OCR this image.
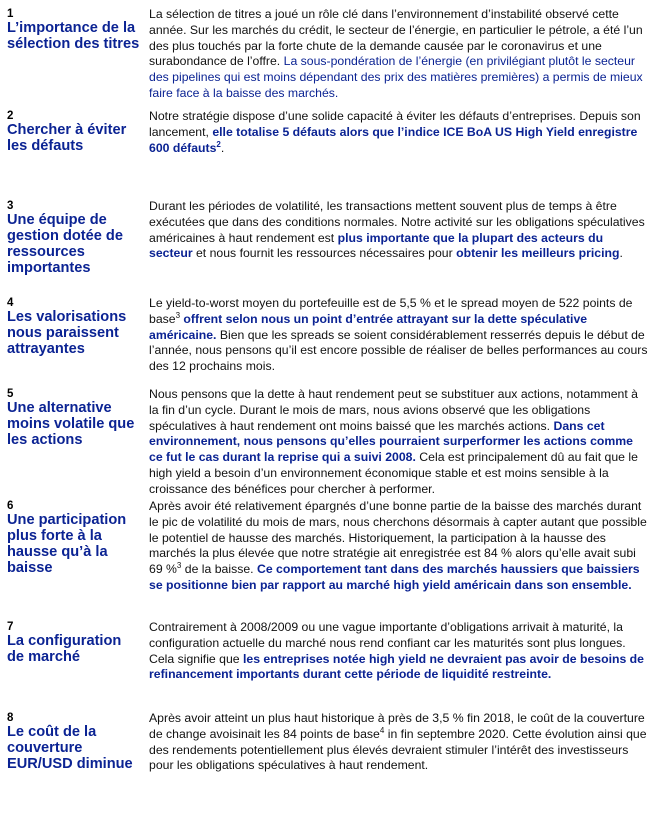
1
L’importance de la sélection des titres
La sélection de titres a joué un rôle clé dans l’environnement d’instabilité observé cette année. Sur les marchés du crédit, le secteur de l’énergie, en particulier le pétrole, a été l’un des plus touchés par la forte chute de la demande causée par le coronavirus et une surabondance de l’offre. La sous-pondération de l’énergie (en privilégiant plutôt le secteur des pipelines qui est moins dépendant des prix des matières premières) a permis de mieux faire face à la baisse des marchés.
2
Chercher à éviter les défauts
Notre stratégie dispose d’une solide capacité à éviter les défauts d’entreprises. Depuis son lancement, elle totalise 5 défauts alors que l’indice ICE BoA US High Yield enregistre 600 défauts$^2$.
3
Une équipe de gestion dotée de ressources importantes
Durant les périodes de volatilité, les transactions mettent souvent plus de temps à être exécutées que dans des conditions normales. Notre activité sur les obligations spéculatives américaines à haut rendement est plus importante que la plupart des acteurs du secteur et nous fournit les ressources nécessaires pour obtenir les meilleurs pricing.
4
Les valorisations nous paraissent attrayantes
Le yield-to-worst moyen du portefeuille est de 5,5 % et le spread moyen de 522 points de base$^3$ offrent selon nous un point d’entrée attrayant sur la dette spéculative américaine. Bien que les spreads se soient considérablement resserrés depuis le début de l’année, nous pensons qu’il est encore possible de réaliser de belles performances au cours des 12 prochains mois.
5
Une alternative moins volatile que les actions
Nous pensons que la dette à haut rendement peut se substituer aux actions, notamment à la fin d’un cycle. Durant le mois de mars, nous avions observé que les obligations spéculatives à haut rendement ont moins baissé que les marchés actions. Dans cet environnement, nous pensons qu’elles pourraient surperformer les actions comme ce fut le cas durant la reprise qui a suivi 2008. Cela est principalement dû au fait que le high yield a besoin d’un environnement économique stable et est moins sensible à la croissance des bénéfices pour chercher à performer.
6
Une participation plus forte à la hausse qu’à la baisse
Après avoir été relativement épargnés d’une bonne partie de la baisse des marchés durant le pic de volatilité du mois de mars, nous cherchons désormais à capter autant que possible le potentiel de hausse des marchés. Historiquement, la participation à la hausse des marchés la plus élevée que notre stratégie ait enregistrée est 84 % alors qu’elle avait subi 69 %$^3$ de la baisse. Ce comportement tant dans des marchés haussiers que baissiers se positionne bien par rapport au marché high yield américain dans son ensemble.
7
La configuration de marché
Contrairement à 2008/2009 ou une vague importante d’obligations arrivait à maturité, la configuration actuelle du marché nous rend confiant car les maturités sont plus longues. Cela signifie que les entreprises notée high yield ne devraient pas avoir de besoins de refinancement importants durant cette période de liquidité restreinte.
8
Le coût de la couverture EUR/USD diminue
Après avoir atteint un plus haut historique à près de 3,5 % fin 2018, le coût de la couverture de change avoisinait les 84 points de base$^4$ in fin septembre 2020. Cette évolution ainsi que des rendements potentiellement plus élevés devraient stimuler l’intérêt des investisseurs pour les obligations spéculatives à haut rendement.
